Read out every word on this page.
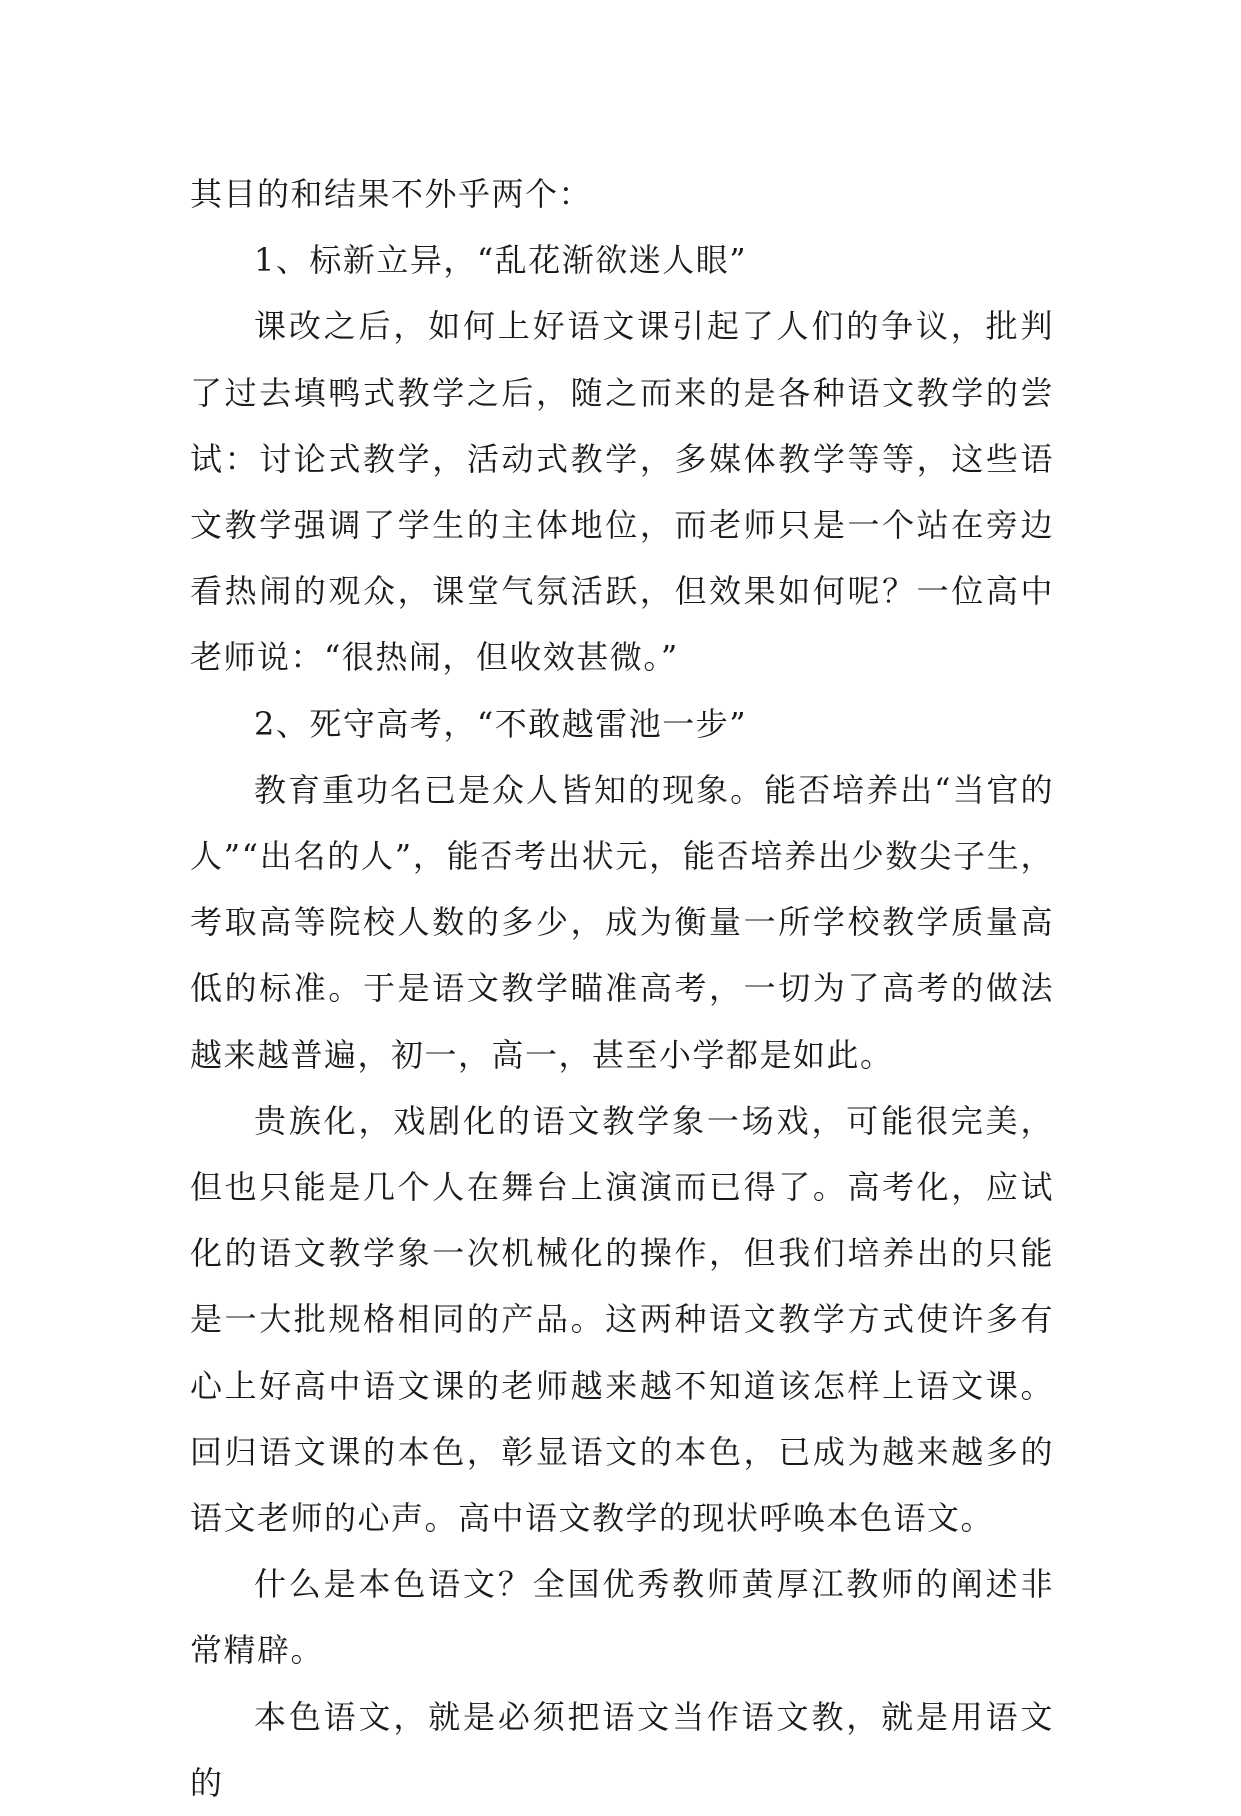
其目的和结果不外乎两个：

1、标新立异，“乱花渐欲迷人眼”

课改之后，如何上好语文课引起了人们的争议，批判了过去填鸭式教学之后，随之而来的是各种语文教学的尝试：讨论式教学，活动式教学，多媒体教学等等，这些语文教学强调了学生的主体地位，而老师只是一个站在旁边看热闹的观众，课堂气氛活跃，但效果如何呢？一位高中老师说：“很热闹，但收效甚微。”

2、死守高考，“不敢越雷池一步”

教育重功名已是众人皆知的现象。能否培养出“当官的人”“出名的人”，能否考出状元，能否培养出少数尖子生，考取高等院校人数的多少，成为衡量一所学校教学质量高低的标准。于是语文教学瞄准高考，一切为了高考的做法越来越普遍，初一，高一，甚至小学都是如此。

贵族化，戏剧化的语文教学象一场戏，可能很完美，但也只能是几个人在舞台上演演而已得了。高考化，应试化的语文教学象一次机械化的操作，但我们培养出的只能是一大批规格相同的产品。这两种语文教学方式使许多有心上好高中语文课的老师越来越不知道该怎样上语文课。回归语文课的本色，彰显语文的本色，已成为越来越多的语文老师的心声。高中语文教学的现状呼唤本色语文。

什么是本色语文？全国优秀教师黄厚江教师的阐述非常精辟。

本色语文，就是必须把语文当作语文教，就是用语文的
